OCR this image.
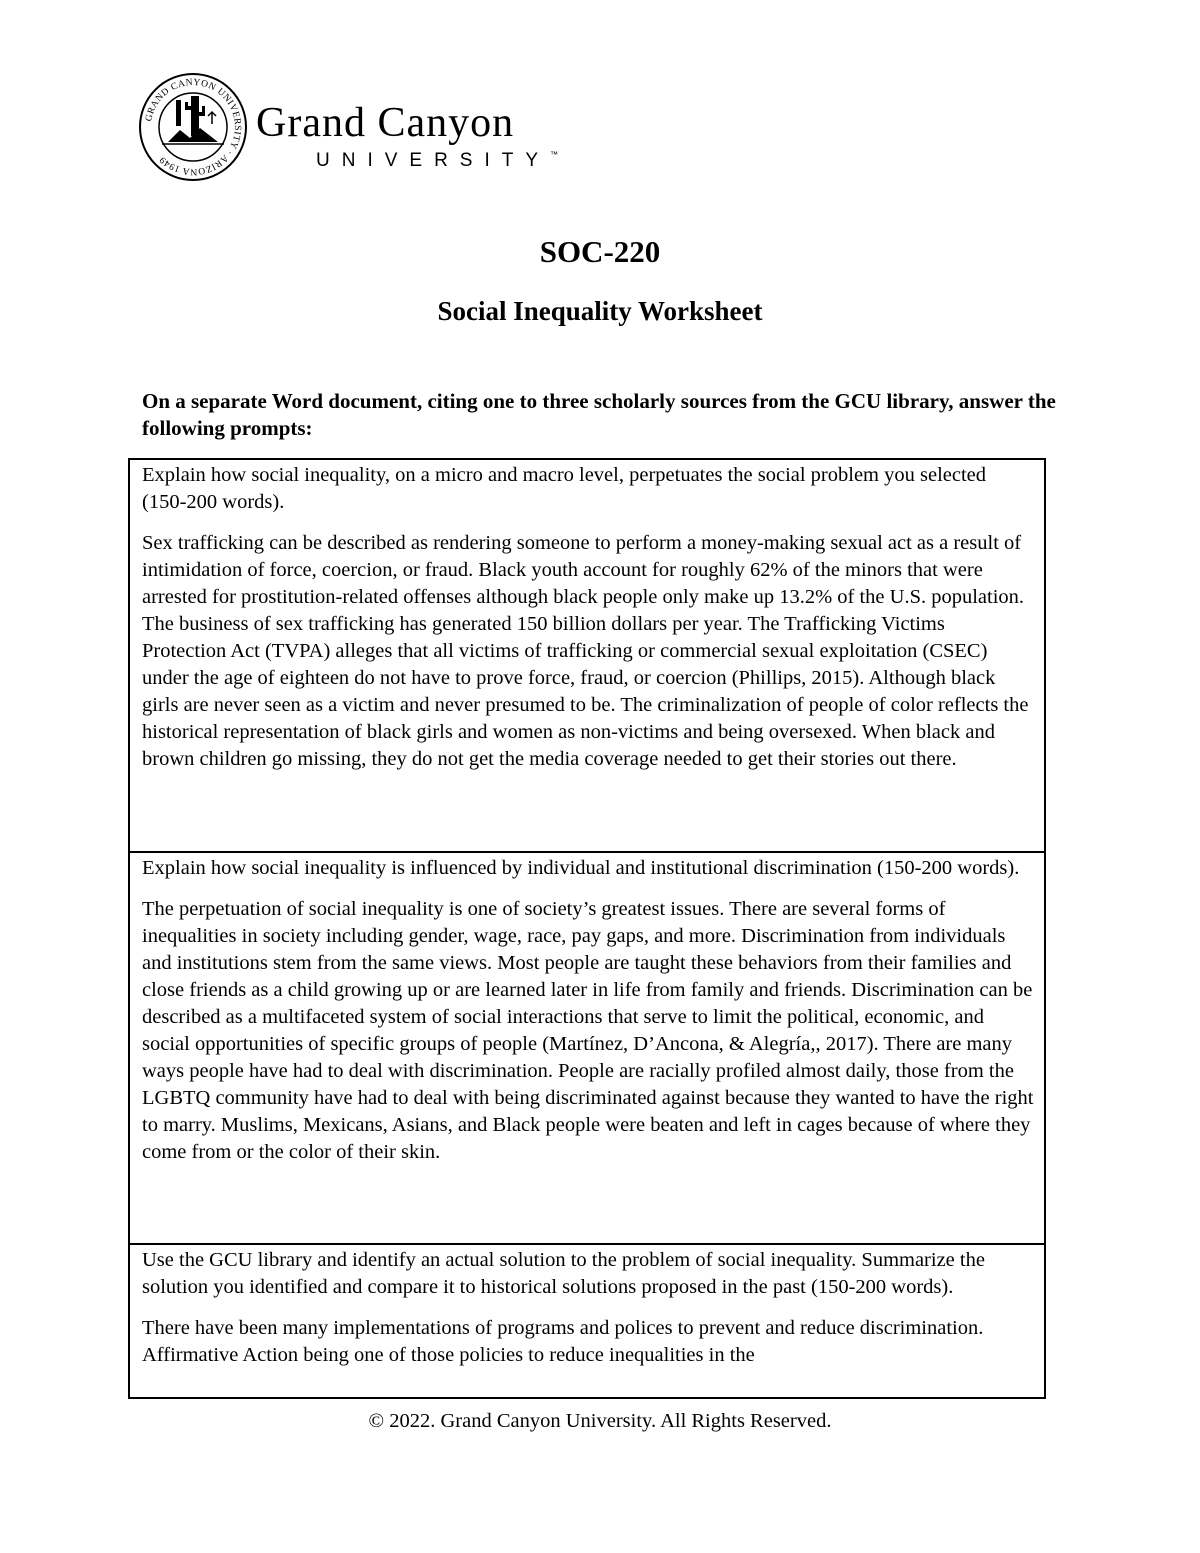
GRAND CANYON UNIVERSITY · ARIZONA 1949
Grand Canyon
UNIVERSITY™
SOC-220
Social Inequality Worksheet
On a separate Word document, citing one to three scholarly sources from the GCU library, answer the following prompts:

Explain how social inequality, on a micro and macro level, perpetuates the social problem you selected (150-200 words).

Sex trafficking can be described as rendering someone to perform a money-making sexual act as a result of intimidation of force, coercion, or fraud. Black youth account for roughly 62% of the minors that were arrested for prostitution-related offenses although black people only make up 13.2% of the U.S. population. The business of sex trafficking has generated 150 billion dollars per year. The Trafficking Victims Protection Act (TVPA) alleges that all victims of trafficking or commercial sexual exploitation (CSEC) under the age of eighteen do not have to prove force, fraud, or coercion (Phillips, 2015). Although black girls are never seen as a victim and never presumed to be. The criminalization of people of color reflects the historical representation of black girls and women as non-victims and being oversexed. When black and brown children go missing, they do not get the media coverage needed to get their stories out there.

Explain how social inequality is influenced by individual and institutional discrimination (150-200 words).

The perpetuation of social inequality is one of society’s greatest issues. There are several forms of inequalities in society including gender, wage, race, pay gaps, and more. Discrimination from individuals and institutions stem from the same views. Most people are taught these behaviors from their families and close friends as a child growing up or are learned later in life from family and friends. Discrimination can be described as a multifaceted system of social interactions that serve to limit the political, economic, and social opportunities of specific groups of people (Martínez, D’Ancona, & Alegría,, 2017). There are many ways people have had to deal with discrimination. People are racially profiled almost daily, those from the LGBTQ community have had to deal with being discriminated against because they wanted to have the right to marry. Muslims, Mexicans, Asians, and Black people were beaten and left in cages because of where they come from or the color of their skin.

Use the GCU library and identify an actual solution to the problem of social inequality. Summarize the solution you identified and compare it to historical solutions proposed in the past (150-200 words).

There have been many implementations of programs and polices to prevent and reduce discrimination. Affirmative Action being one of those policies to reduce inequalities in the

© 2022. Grand Canyon University. All Rights Reserved.
